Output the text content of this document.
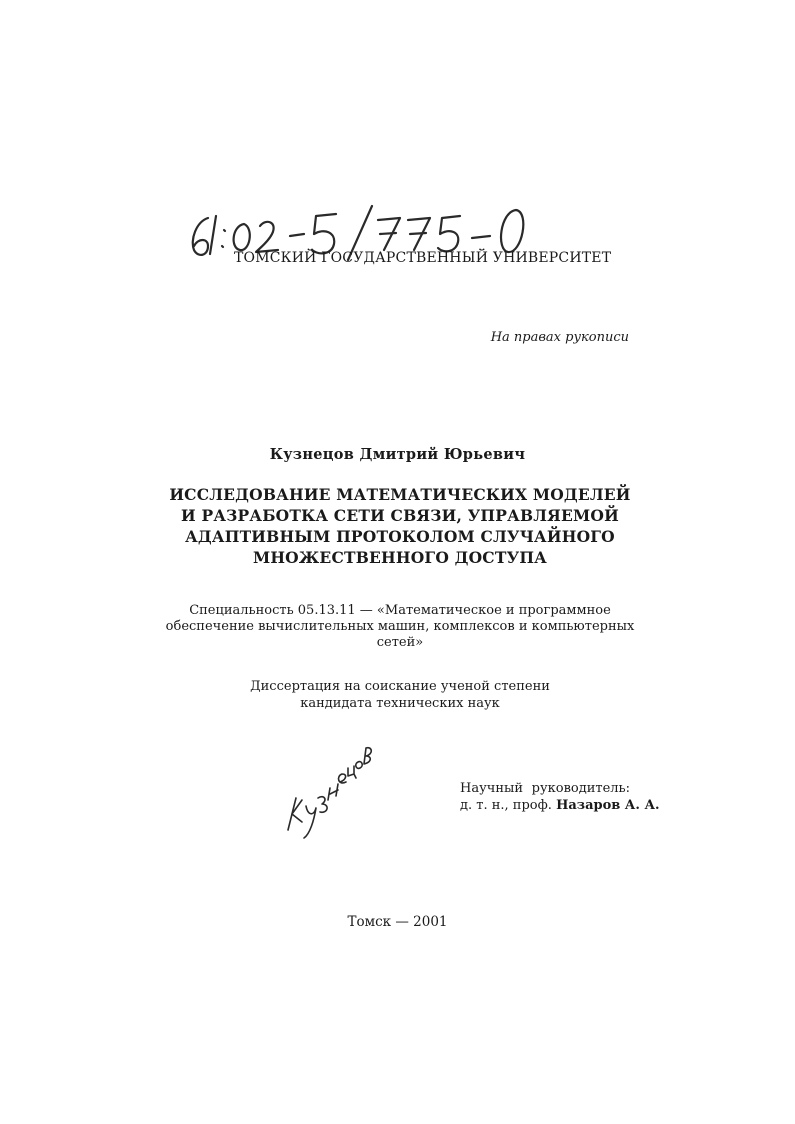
ТОМСКИЙ ГОСУДАРСТВЕННЫЙ УНИВЕРСИТЕТ
На правах рукописи
Кузнецов Дмитрий Юрьевич
ИССЛЕДОВАНИЕ МАТЕМАТИЧЕСКИХ МОДЕЛЕЙ
И РАЗРАБОТКА СЕТИ СВЯЗИ, УПРАВЛЯЕМОЙ
АДАПТИВНЫМ ПРОТОКОЛОМ СЛУЧАЙНОГО
МНОЖЕСТВЕННОГО ДОСТУПА
Специальность 05.13.11 — «Математическое и программное
обеспечение вычислительных машин, комплексов и компьютерных
сетей»
Диссертация на соискание ученой степени
кандидата технических наук
Научный руководитель:
д. т. н., проф. Назаров А. А.
Томск — 2001
